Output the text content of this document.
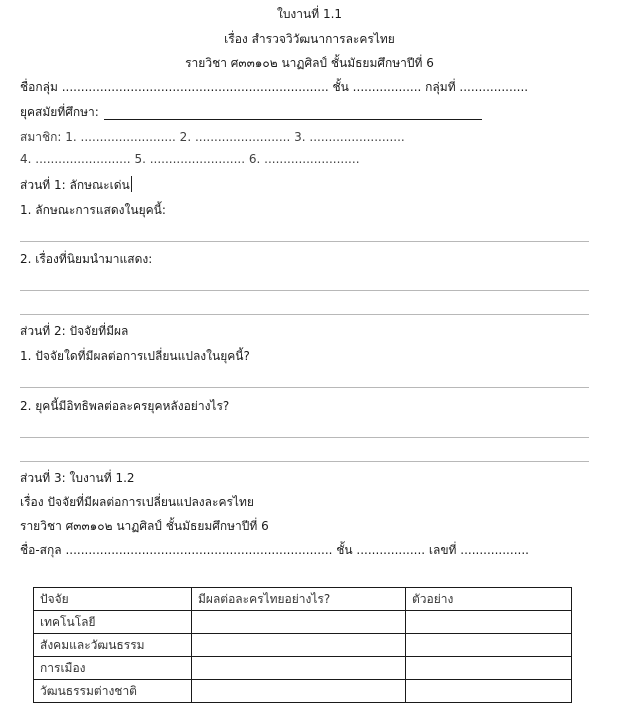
ใบงานที่ 1.1
เรื่อง สำรวจวิวัฒนาการละครไทย
รายวิชา ศ๓๓๑๐๒ นาฏศิลป์ ชั้นมัธยมศึกษาปีที่ 6
ชื่อกลุ่ม ...................................................................... ชั้น .................. กลุ่มที่ ..................
ยุคสมัยที่ศึกษา:
สมาชิก: 1. ......................... 2. ......................... 3. .........................
4. ......................... 5. ......................... 6. .........................
ส่วนที่ 1: ลักษณะเด่น
1. ลักษณะการแสดงในยุคนี้:
2. เรื่องที่นิยมนำมาแสดง:
ส่วนที่ 2: ปัจจัยที่มีผล
1. ปัจจัยใดที่มีผลต่อการเปลี่ยนแปลงในยุคนี้?
2. ยุคนี้มีอิทธิพลต่อละครยุคหลังอย่างไร?
ส่วนที่ 3: ใบงานที่ 1.2
เรื่อง ปัจจัยที่มีผลต่อการเปลี่ยนแปลงละครไทย
รายวิชา ศ๓๓๑๐๒ นาฏศิลป์ ชั้นมัธยมศึกษาปีที่ 6
ชื่อ-สกุล ...................................................................... ชั้น .................. เลขที่ ..................
ปัจจัย	มีผลต่อละครไทยอย่างไร?	ตัวอย่าง
เทคโนโลยี		
สังคมและวัฒนธรรม		
การเมือง		
วัฒนธรรมต่างชาติ		
